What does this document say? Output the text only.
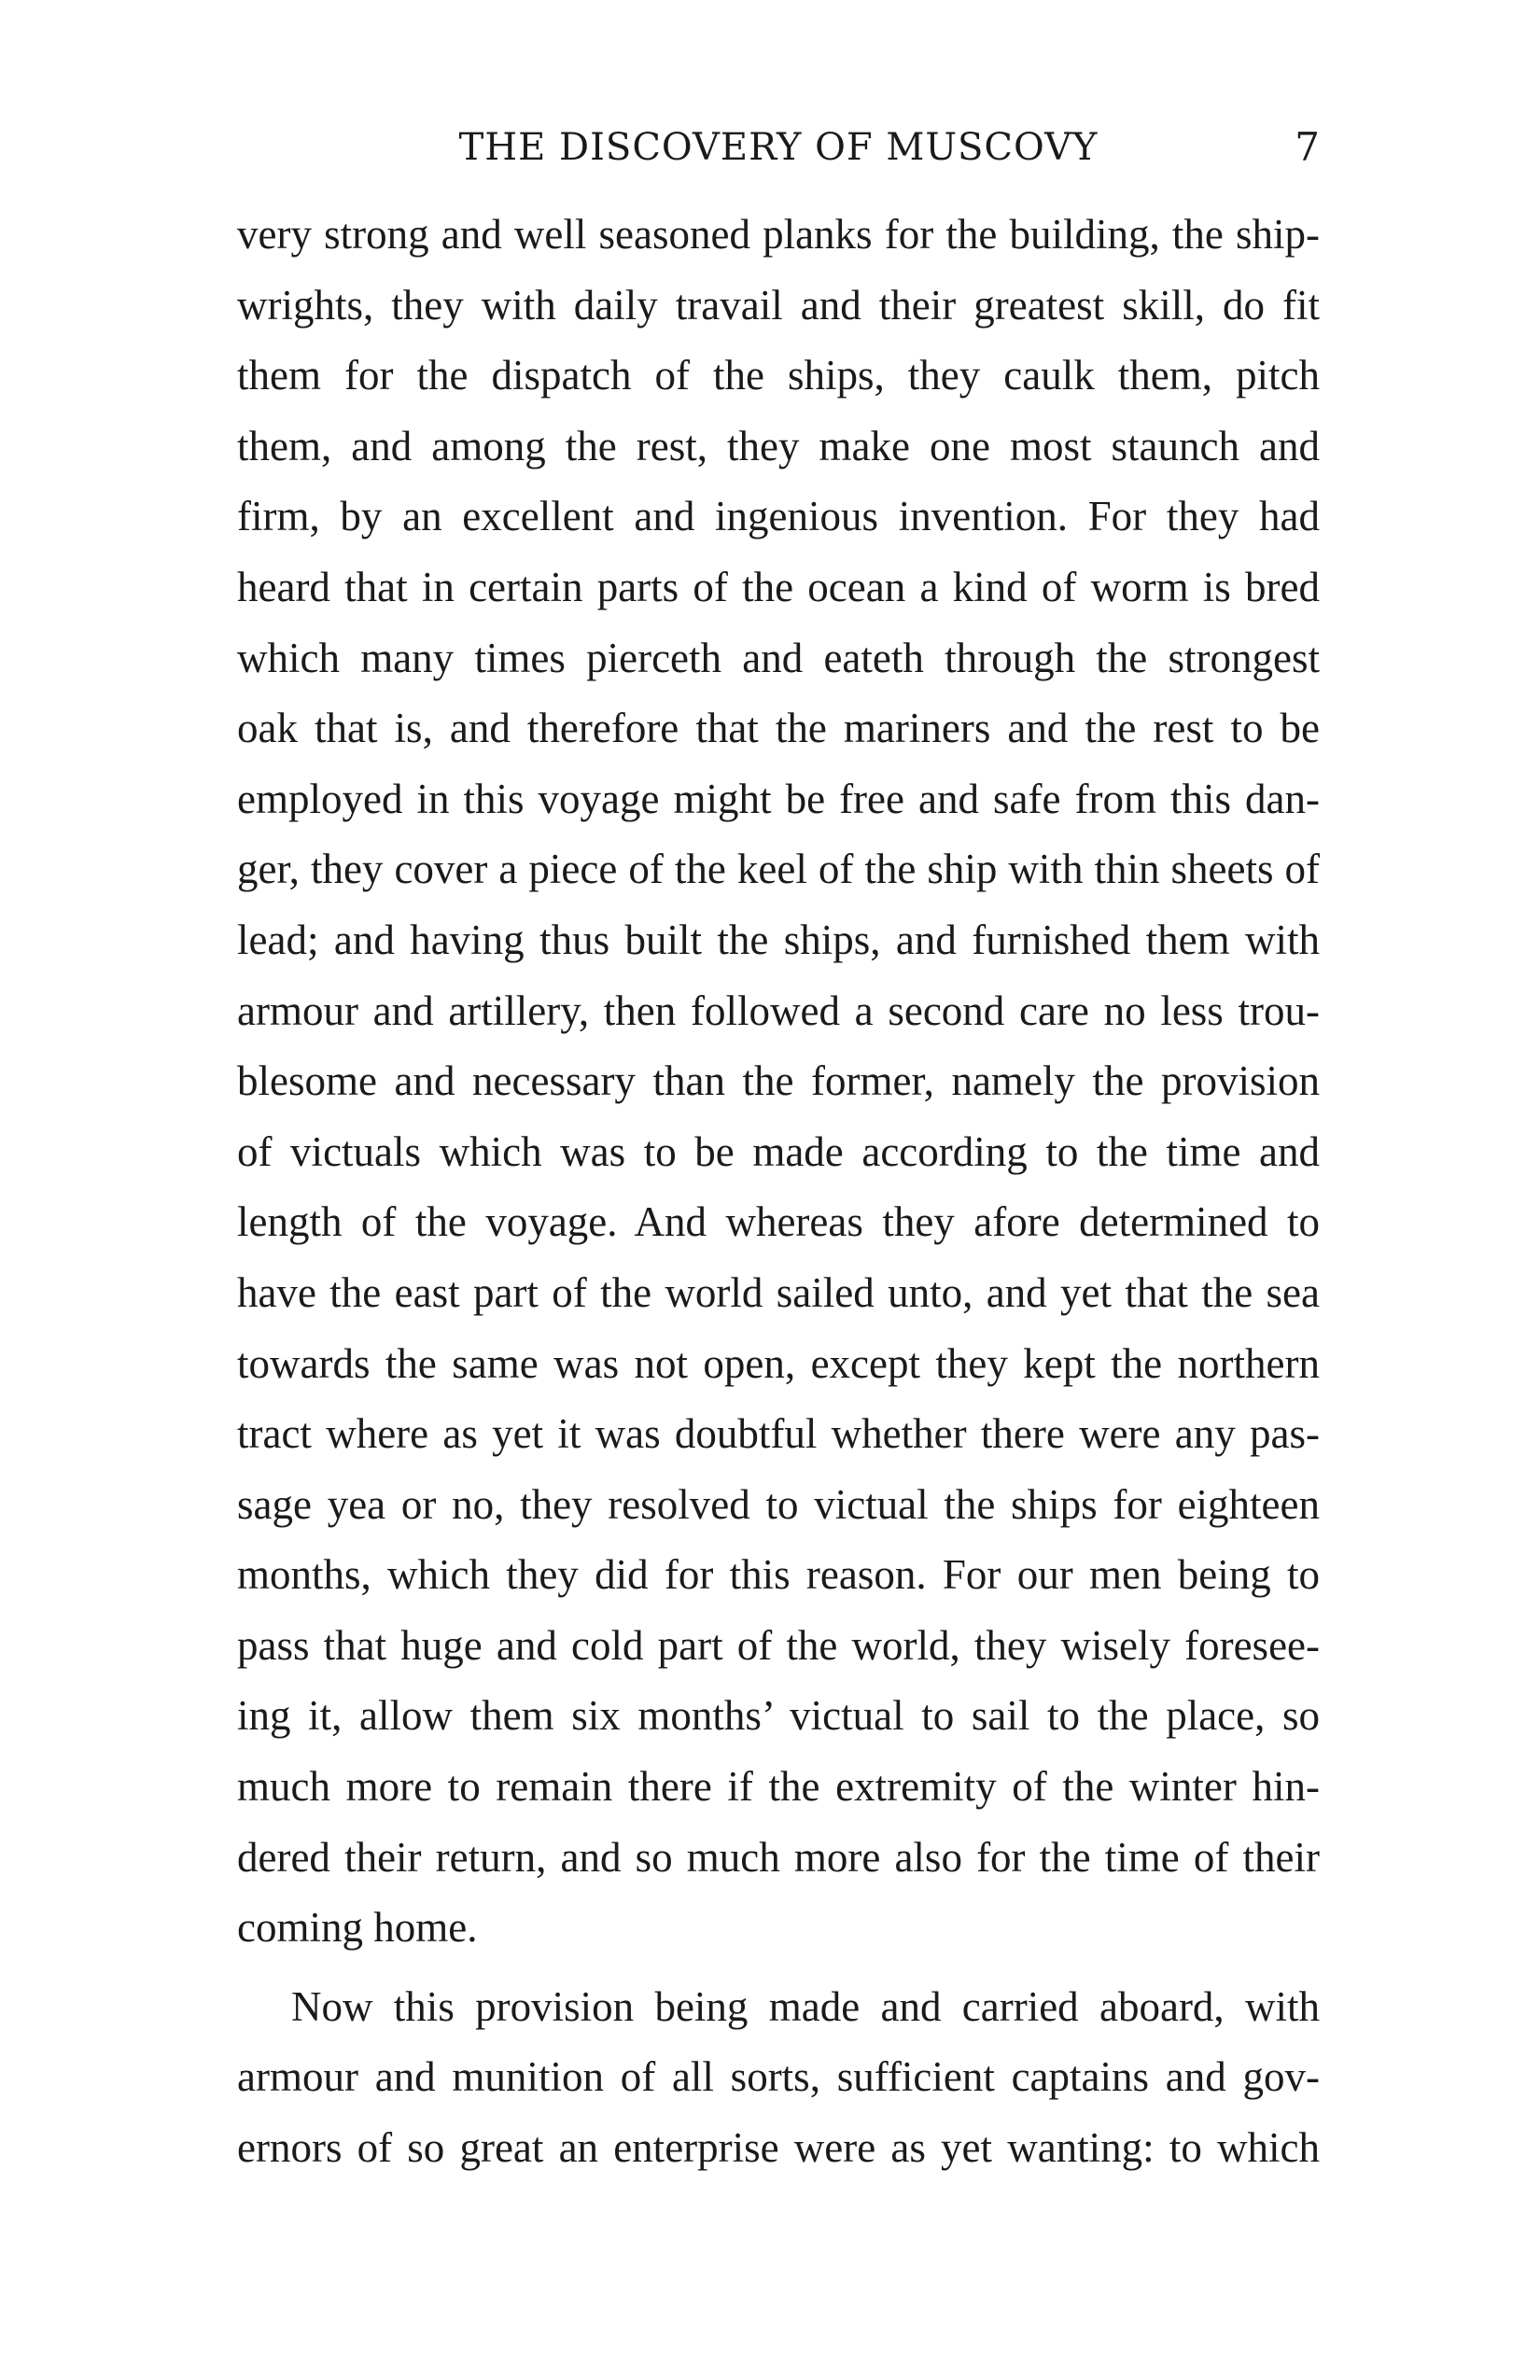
THE DISCOVERY OF MUSCOVY	7

very strong and well seasoned planks for the building, the ship-
wrights, they with daily travail and their greatest skill, do fit
them for the dispatch of the ships, they caulk them, pitch
them, and among the rest, they make one most staunch and
firm, by an excellent and ingenious invention. For they had
heard that in certain parts of the ocean a kind of worm is bred
which many times pierceth and eateth through the strongest
oak that is, and therefore that the mariners and the rest to be
employed in this voyage might be free and safe from this dan-
ger, they cover a piece of the keel of the ship with thin sheets of
lead; and having thus built the ships, and furnished them with
armour and artillery, then followed a second care no less trou-
blesome and necessary than the former, namely the provision
of victuals which was to be made according to the time and
length of the voyage. And whereas they afore determined to
have the east part of the world sailed unto, and yet that the sea
towards the same was not open, except they kept the northern
tract where as yet it was doubtful whether there were any pas-
sage yea or no, they resolved to victual the ships for eighteen
months, which they did for this reason. For our men being to
pass that huge and cold part of the world, they wisely foresee-
ing it, allow them six months’ victual to sail to the place, so
much more to remain there if the extremity of the winter hin-
dered their return, and so much more also for the time of their
coming home.

Now this provision being made and carried aboard, with
armour and munition of all sorts, sufficient captains and gov-
ernors of so great an enterprise were as yet wanting: to which
